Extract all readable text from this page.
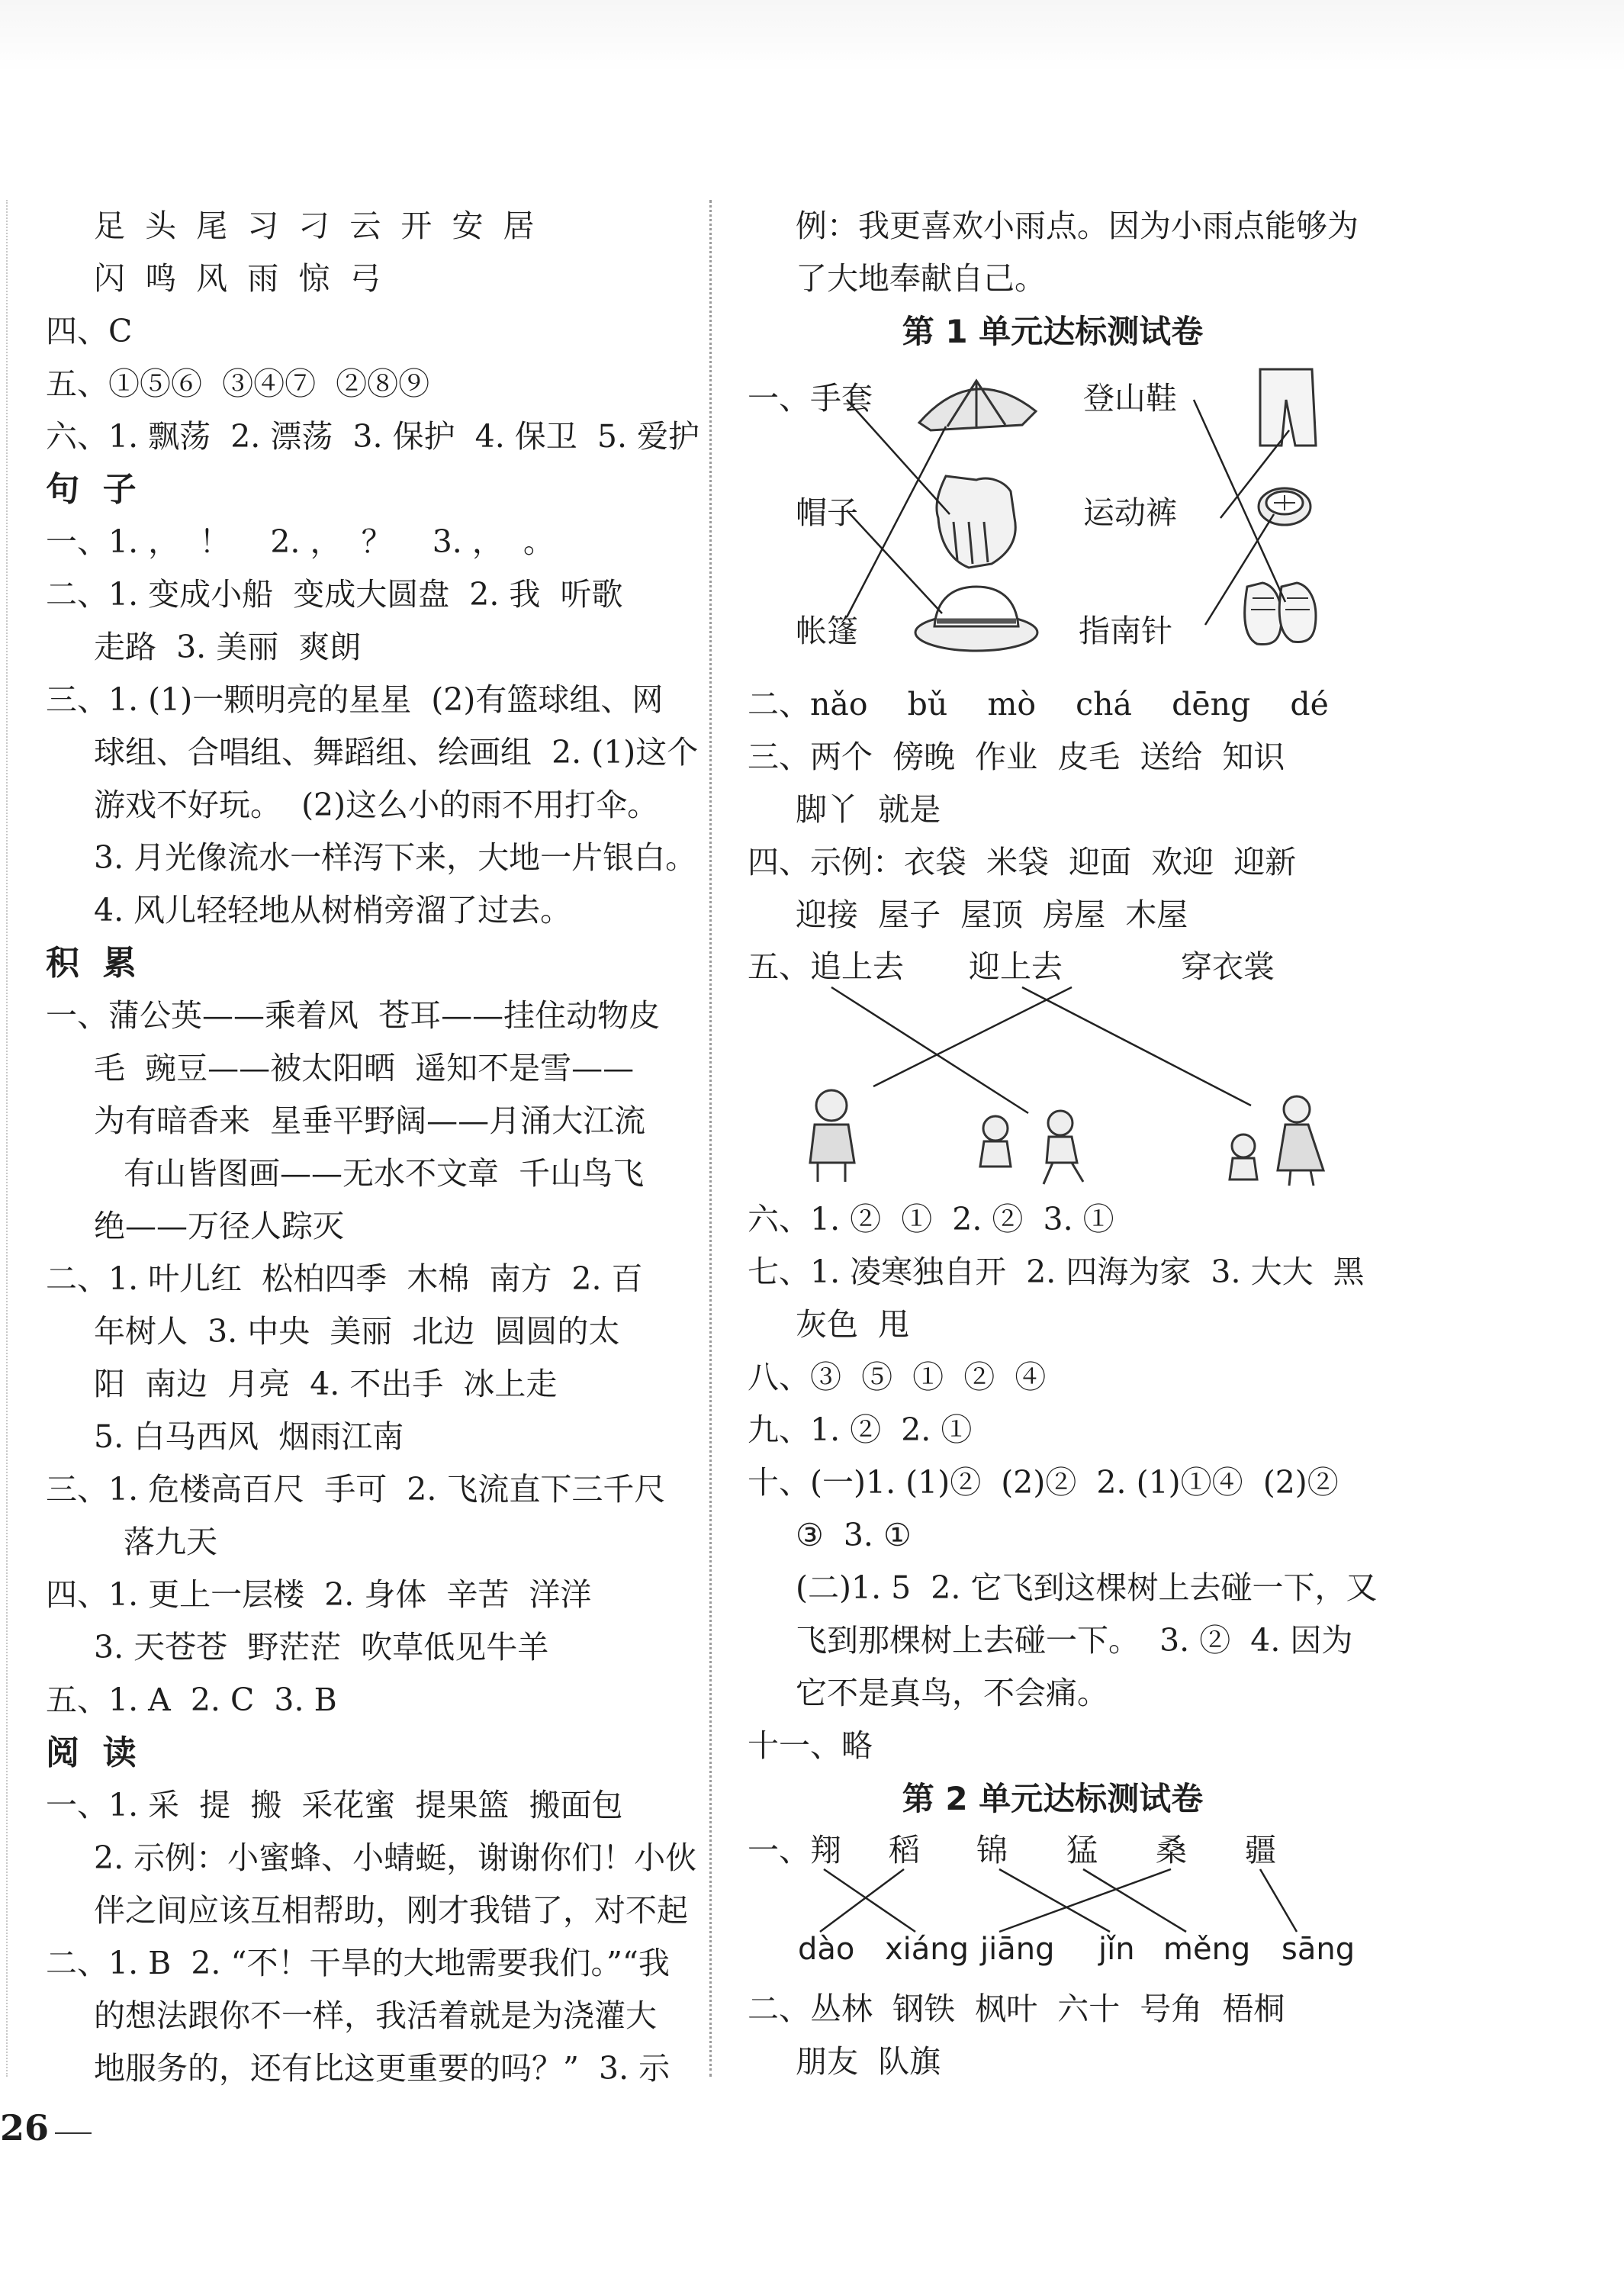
足  头  尾  习  刁  云  开  安  居
闪  鸣  风  雨  惊  弓
四、C
五、①⑤⑥  ③④⑦  ②⑧⑨
六、1. 飘荡  2. 漂荡  3. 保护  4. 保卫  5. 爱护
句  子
一、1. ，  ！    2. ，  ？    3. ，  。
二、1. 变成小船  变成大圆盘  2. 我  听歌
走路  3. 美丽  爽朗
三、1. (1)一颗明亮的星星  (2)有篮球组、网
球组、合唱组、舞蹈组、绘画组  2. (1)这个
游戏不好玩。  (2)这么小的雨不用打伞。
3. 月光像流水一样泻下来，大地一片银白。
4. 风儿轻轻地从树梢旁溜了过去。
积  累
一、蒲公英——乘着风  苍耳——挂住动物皮
毛  豌豆——被太阳晒  遥知不是雪——
为有暗香来  星垂平野阔——月涌大江流
有山皆图画——无水不文章  千山鸟飞
绝——万径人踪灭
二、1. 叶儿红  松柏四季  木棉  南方  2. 百
年树人  3. 中央  美丽  北边  圆圆的太
阳  南边  月亮  4. 不出手  冰上走
5. 白马西风  烟雨江南
三、1. 危楼高百尺  手可  2. 飞流直下三千尺
落九天
四、1. 更上一层楼  2. 身体  辛苦  洋洋
3. 天苍苍  野茫茫  吹草低见牛羊
五、1. A  2. C  3. B
阅  读
一、1. 采  提  搬  采花蜜  提果篮  搬面包
2. 示例：小蜜蜂、小蜻蜓，谢谢你们！小伙
伴之间应该互相帮助，刚才我错了，对不起
二、1. B  2. “不！干旱的大地需要我们。”“我
的想法跟你不一样，我活着就是为浇灌大
地服务的，还有比这更重要的吗？”  3. 示
例：我更喜欢小雨点。因为小雨点能够为
了大地奉献自己。
第 1 单元达标测试卷
一、手套
帽子
帐篷
登山鞋
运动裤
指南针
二、nǎo    bǔ    mò    chá    dēng    dé
三、两个  傍晚  作业  皮毛  送给  知识
脚丫  就是
四、示例：衣袋  米袋  迎面  欢迎  迎新
迎接  屋子  屋顶  房屋  木屋
五、追上去 迎上去	穿衣裳
六、1. ②  ①  2. ②  3. ①
七、1. 凌寒独自开  2. 四海为家  3. 大大  黑
灰色  甩
八、③  ⑤  ①  ②  ④
九、1. ②  2. ①
十、(一)1. (1)②  (2)②  2. (1)①④  (2)②
③  3. ①
(二)1. 5  2. 它飞到这棵树上去碰一下，又
飞到那棵树上去碰一下。  3. ②  4. 因为
它不是真鸟，不会痛。
十一、略
第 2 单元达标测试卷
一、翔 稻 锦 猛 桑 疆
dào xiáng jiāng jǐn měng sāng
二、丛林  钢铁  枫叶  六十  号角  梧桐
朋友  队旗
26
